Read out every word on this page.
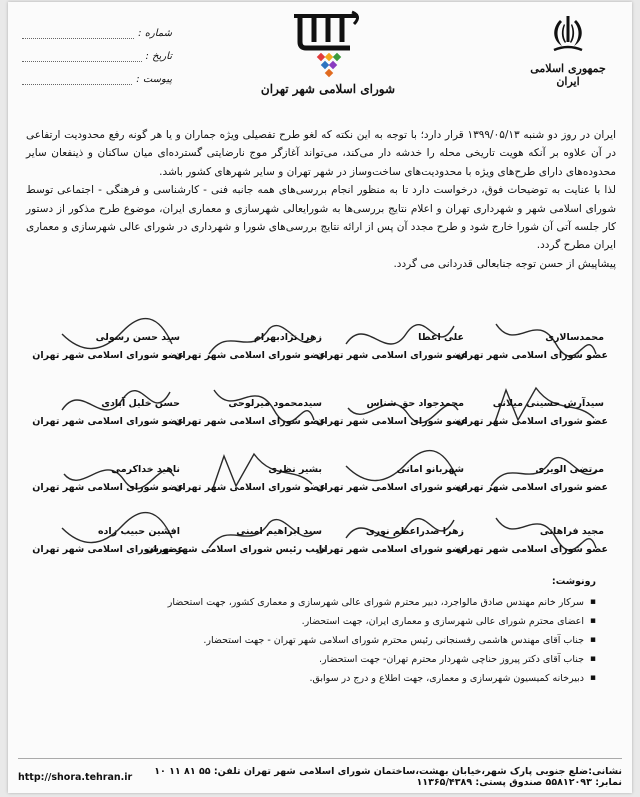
جمهوری اسلامی ایران
شورای اسلامی شهر تهران
شماره :
تاریخ :
پیوست :

ایران در روز دو شنبه ۱۳۹۹/۰۵/۱۳ قرار دارد؛ با توجه به این نکته که لغو طرح تفصیلی ویژه جماران و یا هر گونه رفع محدودیت ارتفاعی در آن علاوه بر آنکه هویت تاریخی محله را خدشه دار می‌کند، می‌تواند آغازگر موج نارضایتی گسترده‌ای میان ساکنان و ذینفعان سایر محدوده‌های دارای طرح‌های ویژه با محدودیت‌های ساخت‌وساز در شهر تهران و سایر شهرهای کشور باشد.

لذا با عنایت به توضیحات فوق، درخواست دارد تا به منظور انجام بررسی‌های همه جانبه فنی - کارشناسی و فرهنگی - اجتماعی توسط شورای اسلامی شهر و شهرداری تهران و اعلام نتایج بررسی‌ها به شورایعالی شهرسازی و معماری ایران، موضوع طرح مذکور از دستور کار جلسه آتی آن شورا خارج شود و طرح مجدد آن پس از ارائه نتایج بررسی‌های شورا و شهرداری در شورای عالی شهرسازی و معماری ایران مطرح گردد.

پیشاپیش از حسن توجه جنابعالی قدردانی می گردد.

محمدسالاری
عضو شورای اسلامی شهر تهران
علی اعطا
عضو شورای اسلامی شهر تهران
زهرا نژادبهرام
عضو شورای اسلامی شهر تهران
سید حسن رسولی
عضو شورای اسلامی شهر تهران
سیدآرش حسینی میلانی
عضو شورای اسلامی شهر تهران
محمدجواد حق شناس
عضو شورای اسلامی شهر تهران
سیدمحمود میرلوحی
عضو شورای اسلامی شهر تهران
حسن خلیل آبادی
عضو شورای اسلامی شهر تهران
مرتضی الویری
عضو شورای اسلامی شهر تهران
شهربانو امانی
عضو شورای اسلامی شهر تهران
بشیر نظری
عضو شورای اسلامی شهر تهران
ناهید خداکرمی
عضو شورای اسلامی شهر تهران
مجید فراهانی
عضو شورای اسلامی شهر تهران
زهرا صدراعظم نوری
عضو شورای اسلامی شهر تهران
سید ابراهیم امینی
نایب رئیس شورای اسلامی شهر تهران
افشین حبیب زاده
عضو شورای اسلامی شهر تهران
رونوشت:
▪ سرکار خانم مهندس صادق مالواجرد، دبیر محترم شورای عالی شهرسازی و معماری کشور، جهت استحضار
▪ اعضای محترم شورای عالی شهرسازی و معماری ایران، جهت استحضار.
▪ جناب آقای مهندس هاشمی رفسنجانی رئیس محترم شورای اسلامی شهر تهران - جهت استحضار.
▪ جناب آقای دکتر پیروز حناچی شهردار محترم تهران- جهت استحضار.
▪ دبیرخانه کمیسیون شهرسازی و معماری، جهت اطلاع و درج در سوابق.
http://shora.tehran.ir	نشانی:ضلع جنوبی پارک شهر،خیابان بهشت،ساختمان شورای اسلامی شهر تهران تلفن: ۵۵ ۸۱ ۱۱ ۱۰ نمابر: ۵۵۸۱۲۰۹۳ صندوق پستی: ۱۱۳۶۵/۴۳۸۹
